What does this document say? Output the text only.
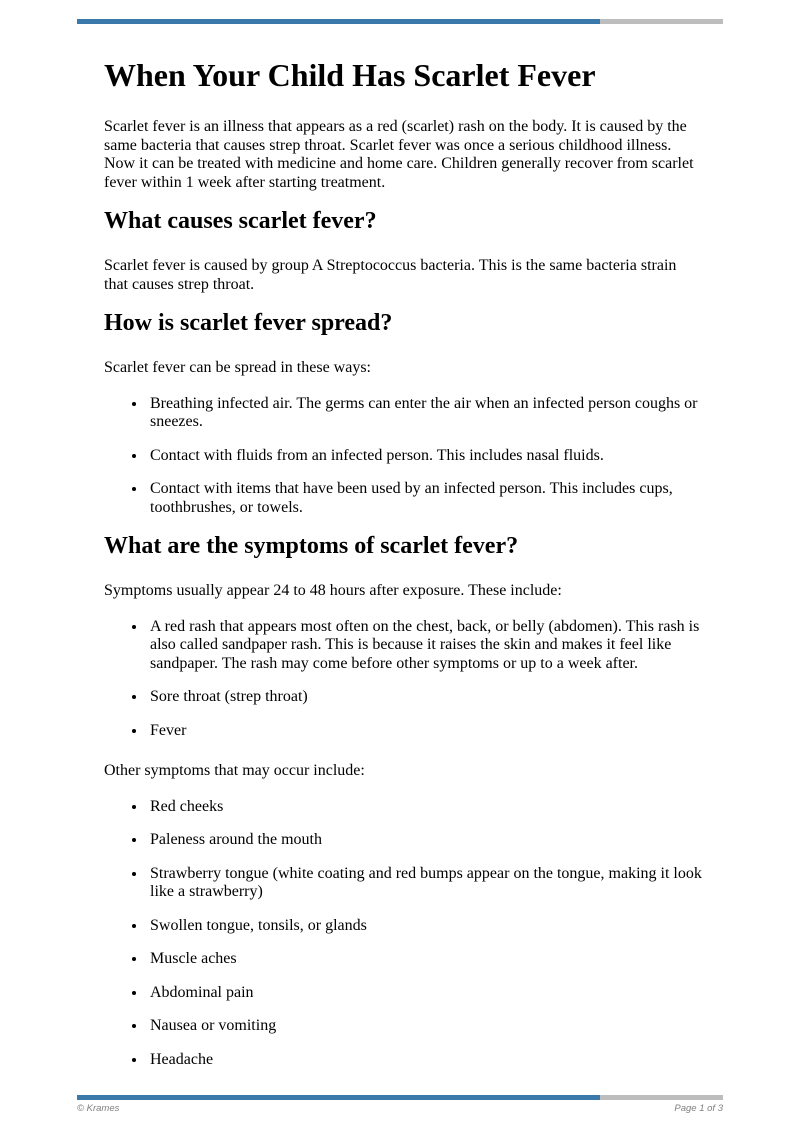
When Your Child Has Scarlet Fever

Scarlet fever is an illness that appears as a red (scarlet) rash on the body. It is caused by the same bacteria that causes strep throat. Scarlet fever was once a serious childhood illness. Now it can be treated with medicine and home care. Children generally recover from scarlet fever within 1 week after starting treatment.

What causes scarlet fever?

Scarlet fever is caused by group A Streptococcus bacteria. This is the same bacteria strain that causes strep throat.

How is scarlet fever spread?

Scarlet fever can be spread in these ways:

• Breathing infected air. The germs can enter the air when an infected person coughs or sneezes.
• Contact with fluids from an infected person. This includes nasal fluids.
• Contact with items that have been used by an infected person. This includes cups, toothbrushes, or towels.
What are the symptoms of scarlet fever?

Symptoms usually appear 24 to 48 hours after exposure. These include:

• A red rash that appears most often on the chest, back, or belly (abdomen). This rash is also called sandpaper rash. This is because it raises the skin and makes it feel like sandpaper. The rash may come before other symptoms or up to a week after.
• Sore throat (strep throat)
• Fever

Other symptoms that may occur include:

• Red cheeks
• Paleness around the mouth
• Strawberry tongue (white coating and red bumps appear on the tongue, making it look like a strawberry)
• Swollen tongue, tonsils, or glands
• Muscle aches
• Abdominal pain
• Nausea or vomiting
• Headache
© Krames	Page 1 of 3
